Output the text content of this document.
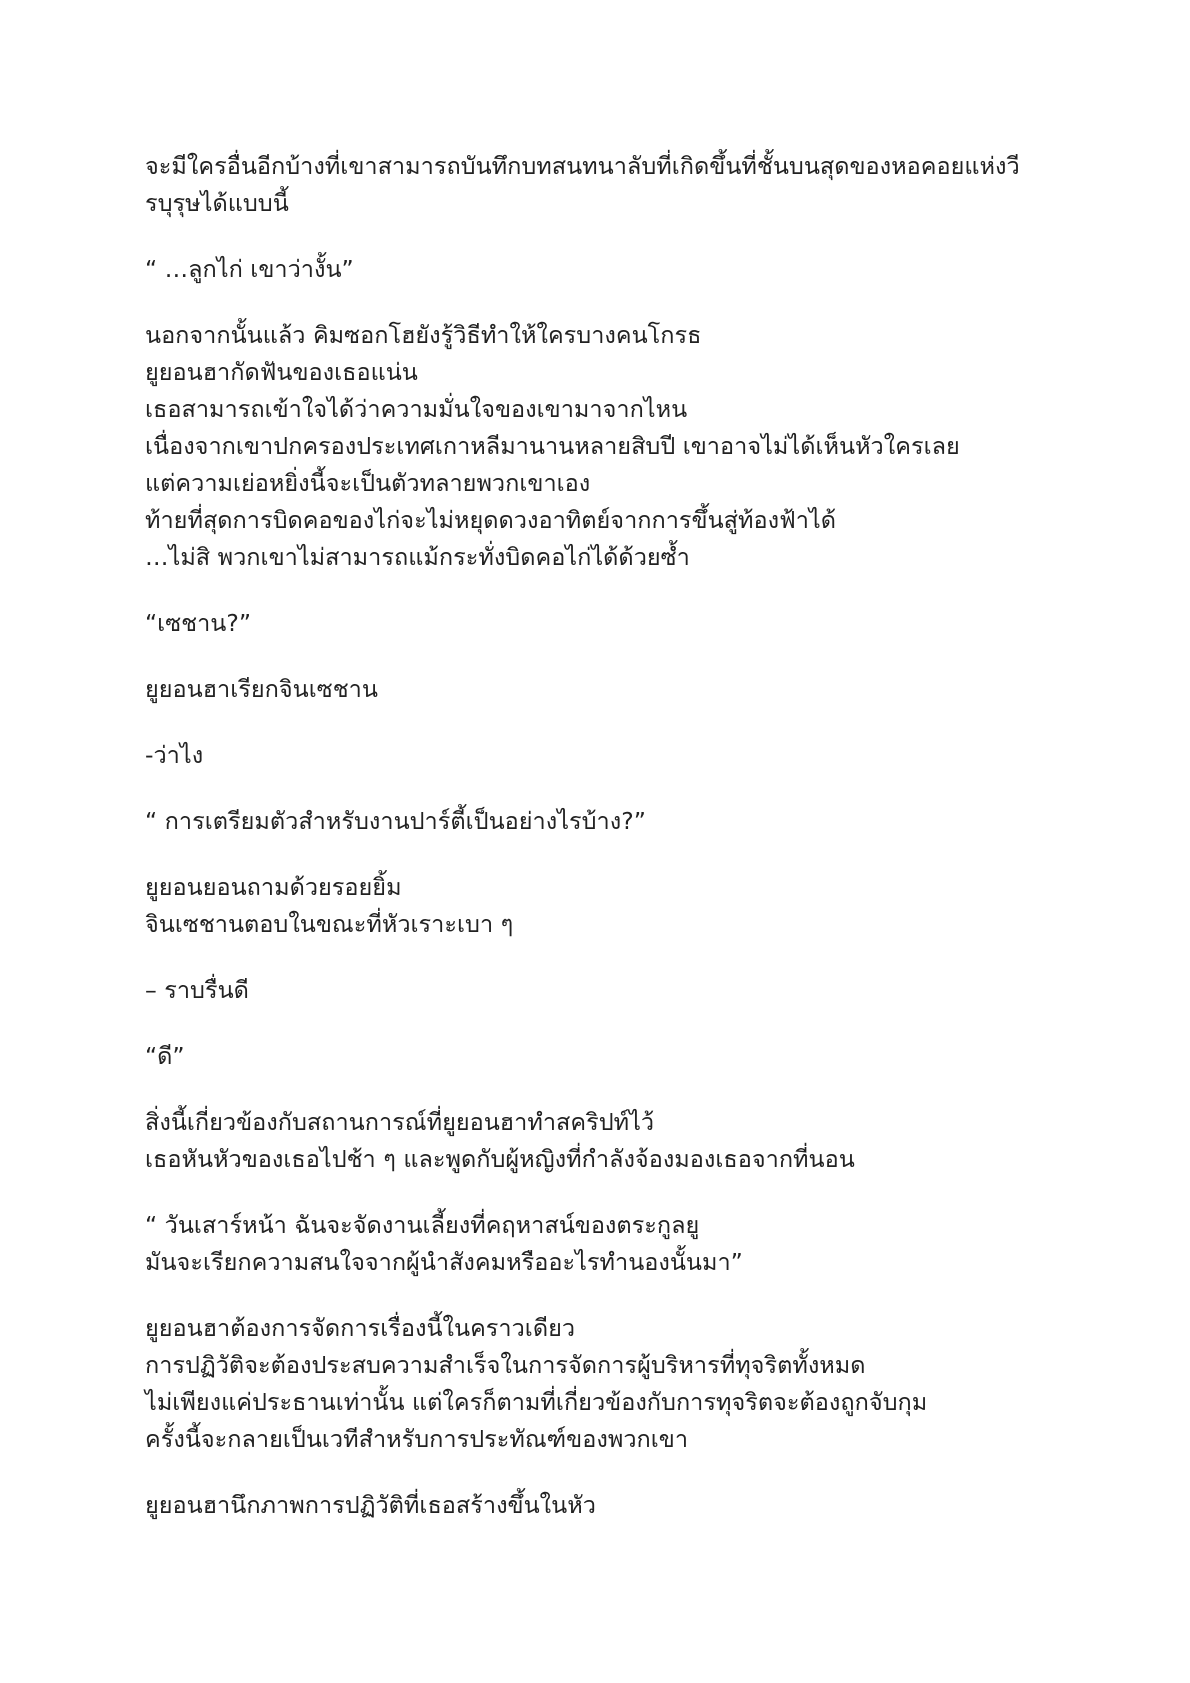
จะมีใครอื่นอีกบ้างที่เขาสามารถบันทึกบทสนทนาลับที่เกิดขึ้นที่ชั้นบนสุดของหอคอยแห่งวี
รบุรุษได้แบบนี้

“ …ลูกไก่ เขาว่างั้น”

นอกจากนั้นแล้ว คิมซอกโฮยังรู้วิธีทำให้ใครบางคนโกรธ
ยูยอนฮากัดฟันของเธอแน่น
เธอสามารถเข้าใจได้ว่าความมั่นใจของเขามาจากไหน
เนื่องจากเขาปกครองประเทศเกาหลีมานานหลายสิบปี เขาอาจไม่ได้เห็นหัวใครเลย
แต่ความเย่อหยิ่งนี้จะเป็นตัวทลายพวกเขาเอง
ท้ายที่สุดการบิดคอของไก่จะไม่หยุดดวงอาทิตย์จากการขึ้นสู่ท้องฟ้าได้
…ไม่สิ พวกเขาไม่สามารถแม้กระทั่งบิดคอไก่ได้ด้วยซ้ำ

“เซชาน?”

ยูยอนฮาเรียกจินเซชาน

-ว่าไง

“ การเตรียมตัวสำหรับงานปาร์ตี้เป็นอย่างไรบ้าง?”

ยูยอนยอนถามด้วยรอยยิ้ม
จินเซชานตอบในขณะที่หัวเราะเบา ๆ

– ราบรื่นดี

“ดี”

สิ่งนี้เกี่ยวข้องกับสถานการณ์ที่ยูยอนฮาทำสคริปท์ไว้
เธอหันหัวของเธอไปช้า ๆ และพูดกับผู้หญิงที่กำลังจ้องมองเธอจากที่นอน

“ วันเสาร์หน้า ฉันจะจัดงานเลี้ยงที่คฤหาสน์ของตระกูลยู
มันจะเรียกความสนใจจากผู้นำสังคมหรืออะไรทำนองนั้นมา”

ยูยอนฮาต้องการจัดการเรื่องนี้ในคราวเดียว
การปฏิวัติจะต้องประสบความสำเร็จในการจัดการผู้บริหารที่ทุจริตทั้งหมด
ไม่เพียงแค่ประธานเท่านั้น แต่ใครก็ตามที่เกี่ยวข้องกับการทุจริตจะต้องถูกจับกุม
ครั้งนี้จะกลายเป็นเวทีสำหรับการประทัณฑ์ของพวกเขา

ยูยอนฮานึกภาพการปฏิวัติที่เธอสร้างขึ้นในหัว
